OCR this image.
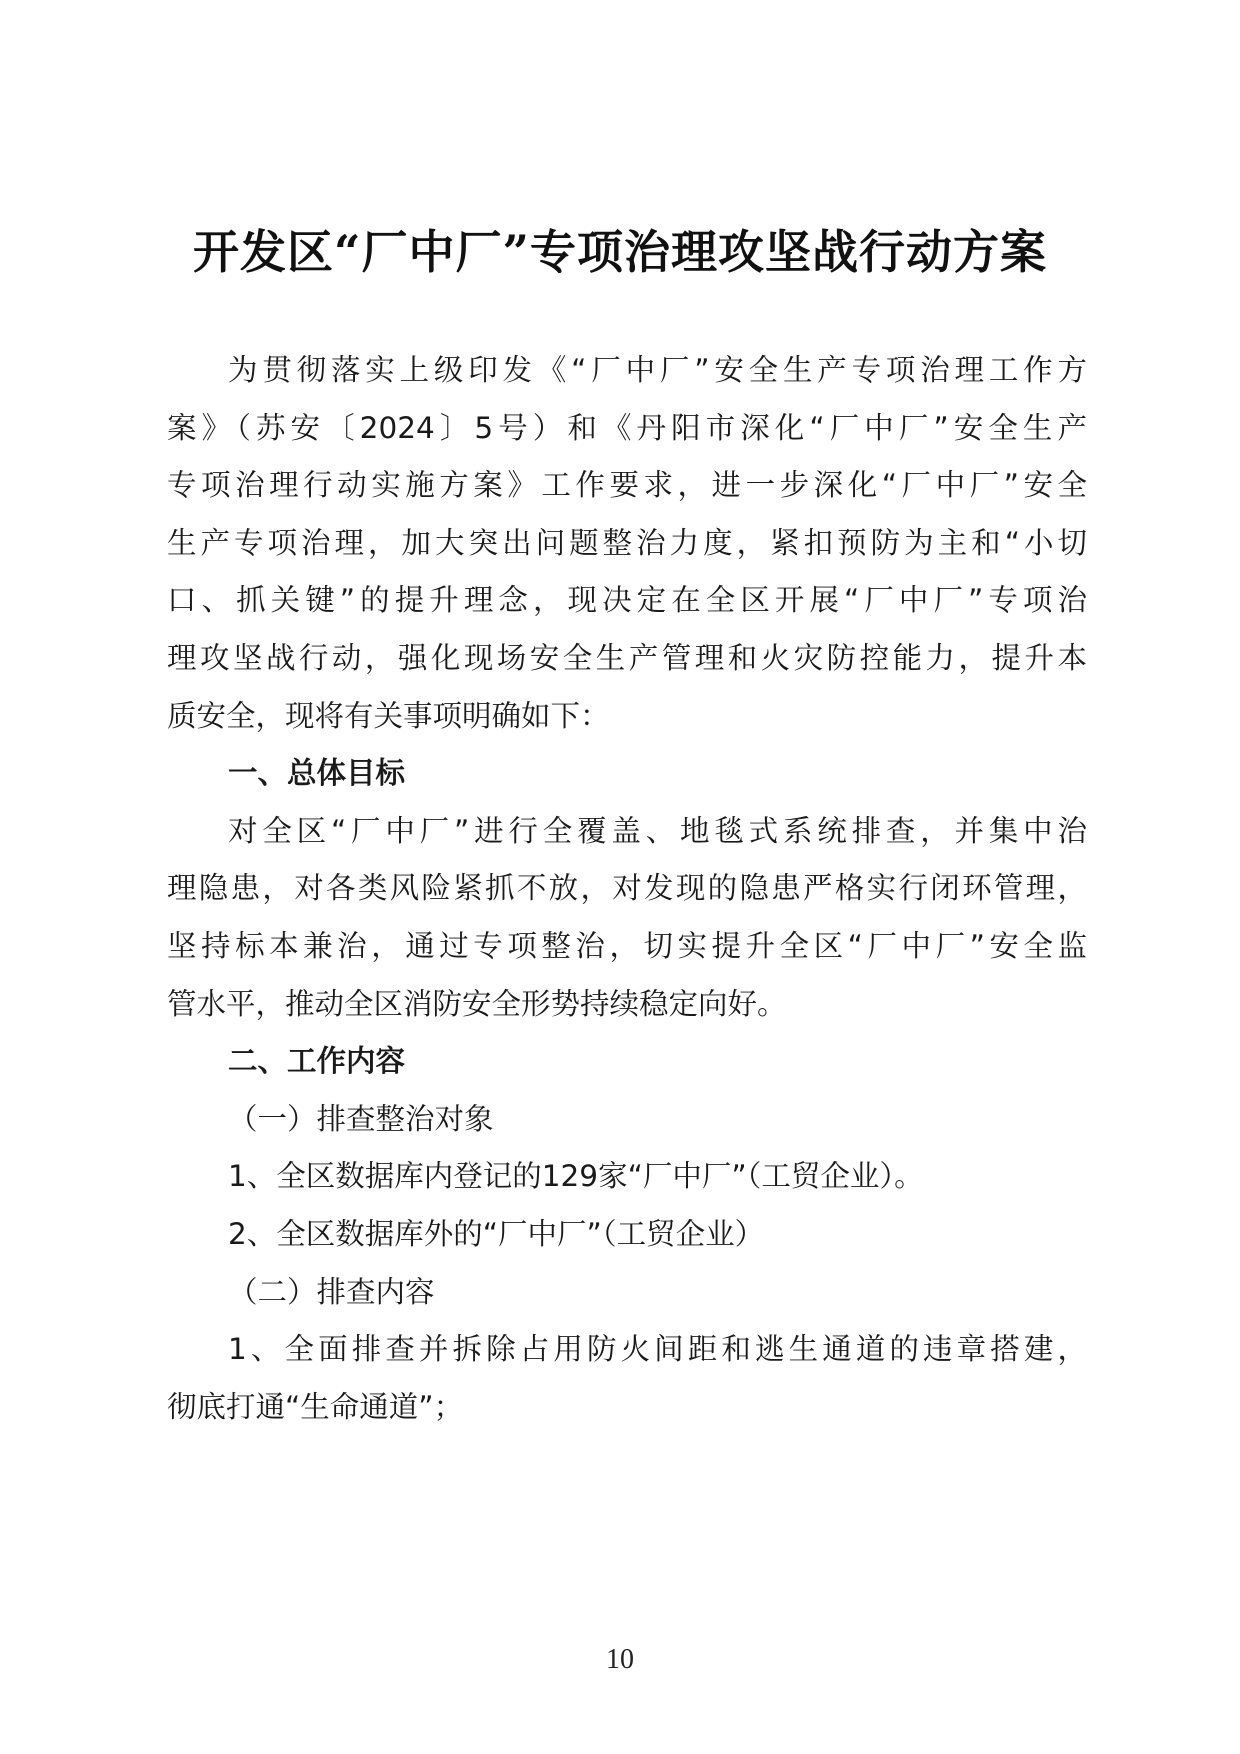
开发区“厂中厂”专项治理攻坚战行动方案
为贯彻落实上级印发《“厂中厂”安全生产专项治理工作方
案》（苏安〔2024〕5号）和《丹阳市深化“厂中厂”安全生产
专项治理行动实施方案》工作要求，进一步深化“厂中厂”安全
生产专项治理，加大突出问题整治力度，紧扣预防为主和“小切
口、抓关键”的提升理念，现决定在全区开展“厂中厂”专项治
理攻坚战行动，强化现场安全生产管理和火灾防控能力，提升本
质安全，现将有关事项明确如下：
一、总体目标
对全区“厂中厂”进行全覆盖、地毯式系统排查，并集中治
理隐患，对各类风险紧抓不放，对发现的隐患严格实行闭环管理，
坚持标本兼治，通过专项整治，切实提升全区“厂中厂”安全监
管水平，推动全区消防安全形势持续稳定向好。
二、工作内容
（一）排查整治对象
1、全区数据库内登记的129家“厂中厂”（工贸企业）。
2、全区数据库外的“厂中厂”（工贸企业）
（二）排查内容
1、全面排查并拆除占用防火间距和逃生通道的违章搭建，
彻底打通“生命通道”；
10
